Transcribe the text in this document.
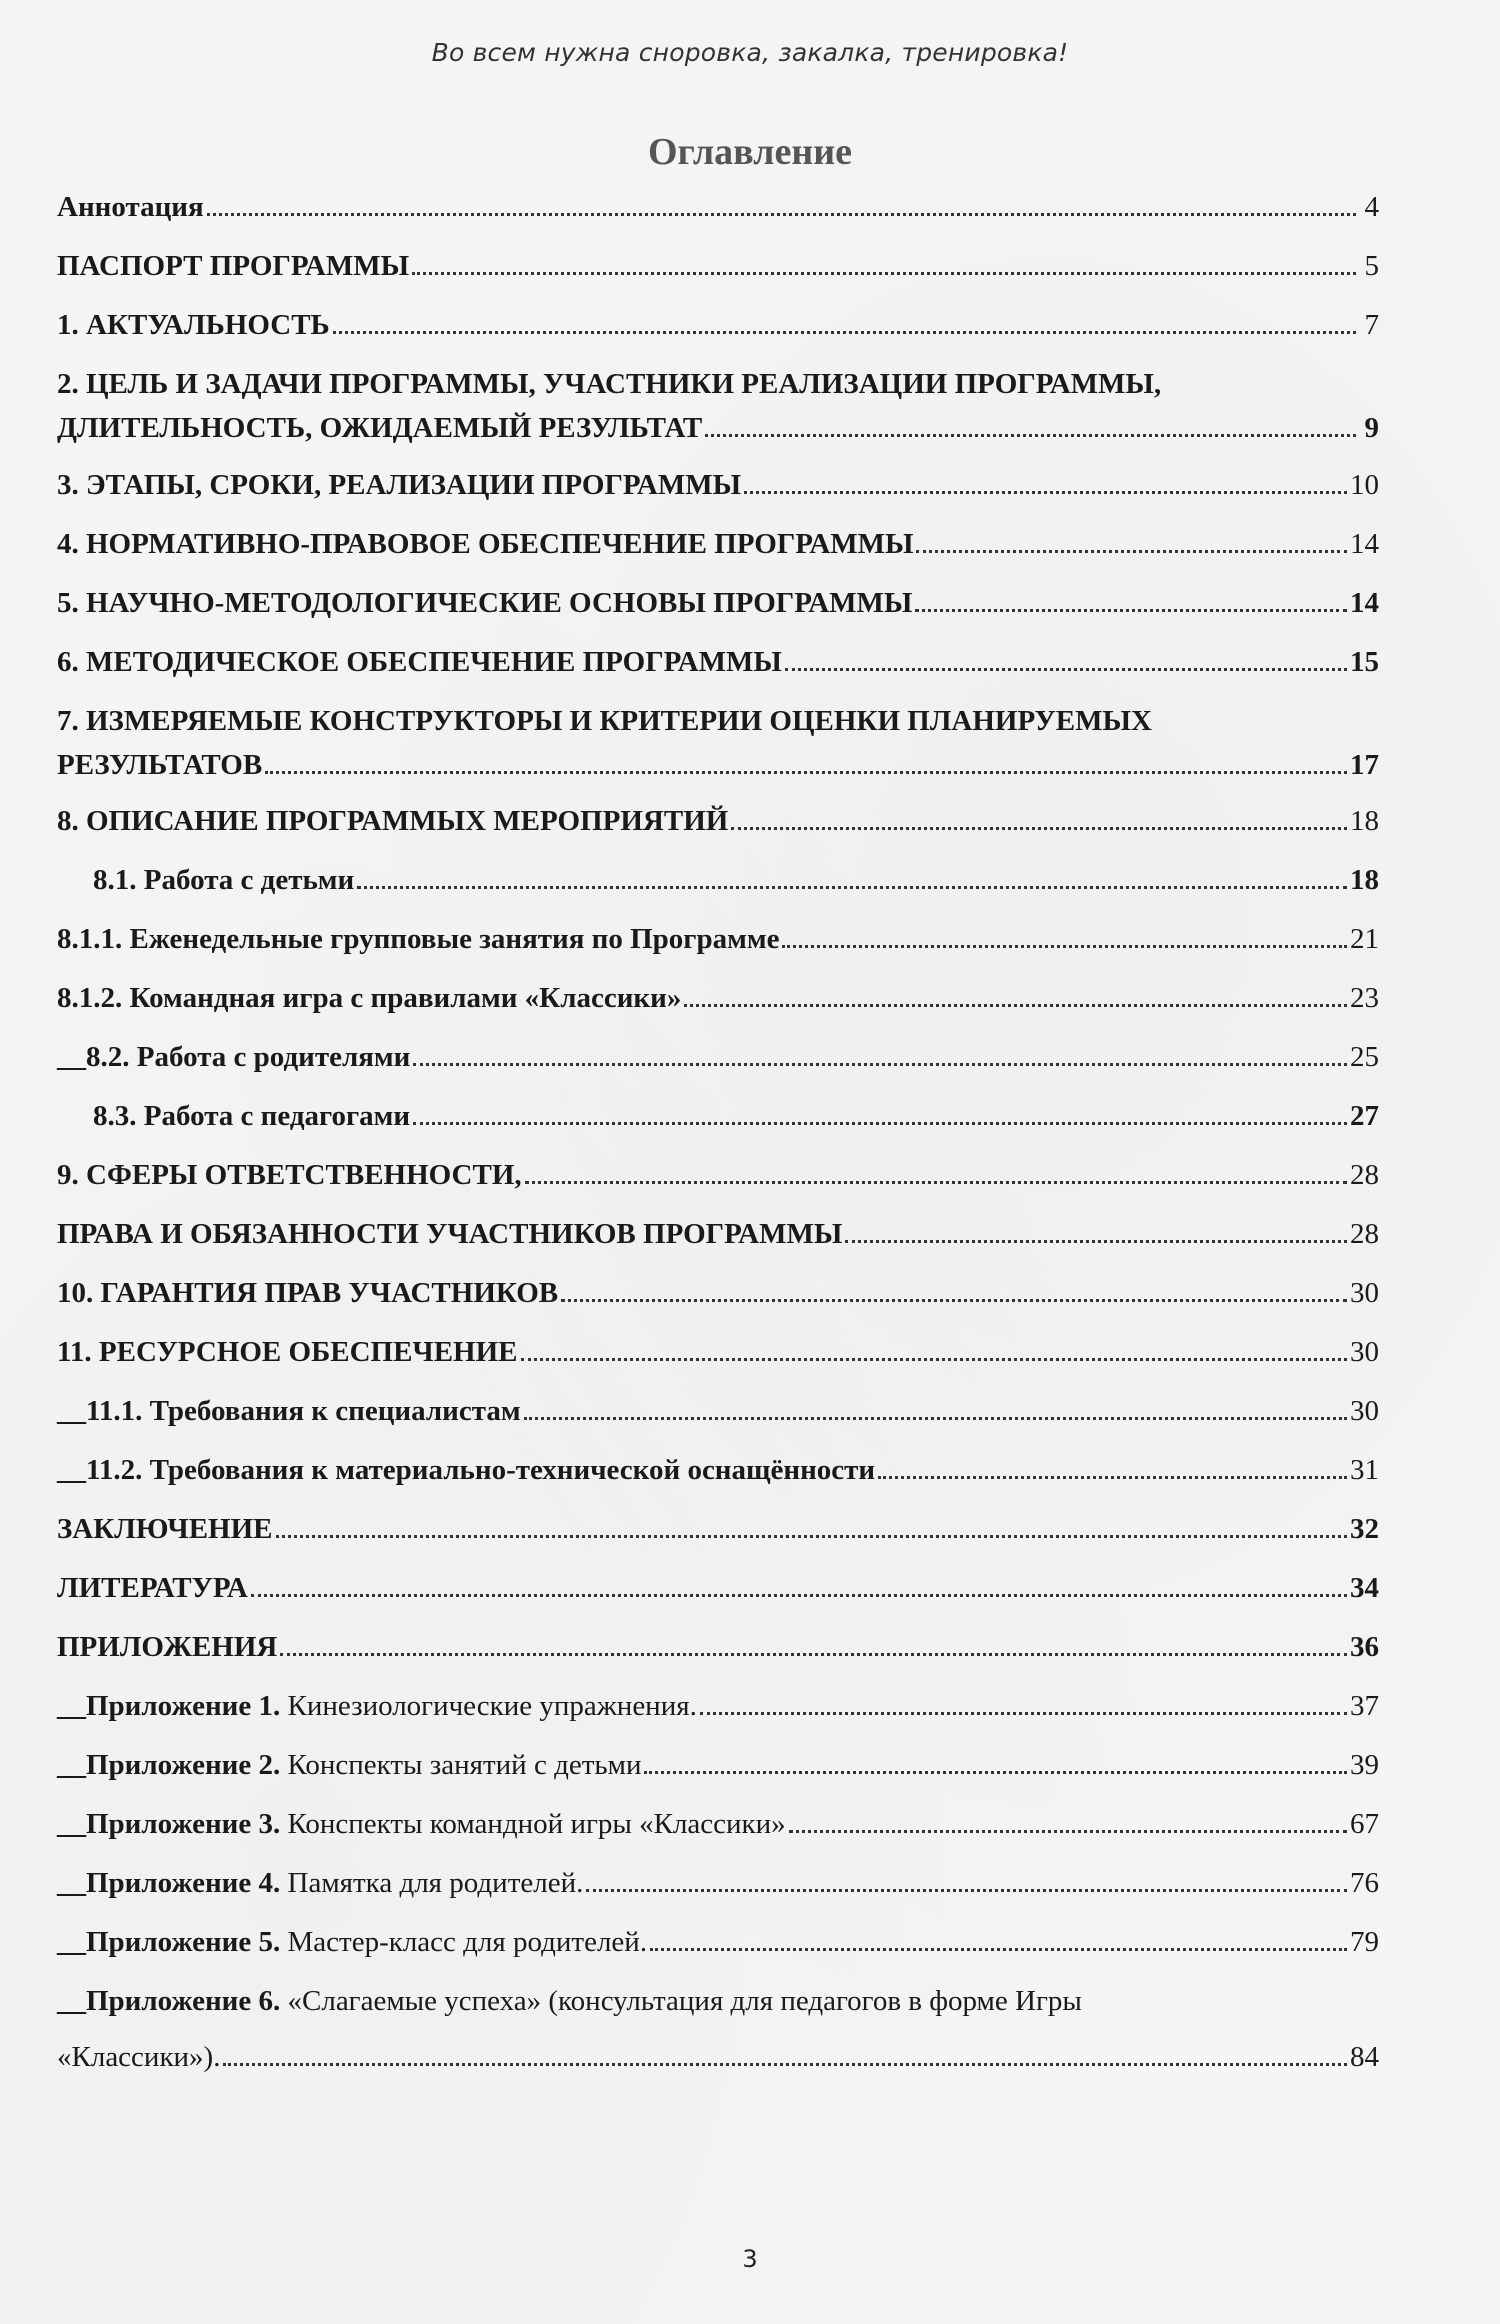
Во всем нужна сноровка, закалка, тренировка!
Оглавление
Аннотация	4
ПАСПОРТ ПРОГРАММЫ	5
1. АКТУАЛЬНОСТЬ	7
2. ЦЕЛЬ И ЗАДАЧИ ПРОГРАММЫ, УЧАСТНИКИ РЕАЛИЗАЦИИ ПРОГРАММЫ,
ДЛИТЕЛЬНОСТЬ, ОЖИДАЕМЫЙ РЕЗУЛЬТАТ	9
3. ЭТАПЫ, СРОКИ, РЕАЛИЗАЦИИ ПРОГРАММЫ	10
4. НОРМАТИВНО-ПРАВОВОЕ ОБЕСПЕЧЕНИЕ ПРОГРАММЫ	14
5. НАУЧНО-МЕТОДОЛОГИЧЕСКИЕ ОСНОВЫ ПРОГРАММЫ	14
6. МЕТОДИЧЕСКОЕ ОБЕСПЕЧЕНИЕ ПРОГРАММЫ	15
7. ИЗМЕРЯЕМЫЕ КОНСТРУКТОРЫ И КРИТЕРИИ ОЦЕНКИ ПЛАНИРУЕМЫХ
РЕЗУЛЬТАТОВ	17
8. ОПИСАНИЕ ПРОГРАММЫХ МЕРОПРИЯТИЙ	18
8.1. Работа с детьми	18
8.1.1. Еженедельные групповые занятия по Программе	21
8.1.2. Командная игра с правилами «Классики»	23
__8.2. Работа с родителями	25
8.3. Работа с педагогами	27
9. СФЕРЫ ОТВЕТСТВЕННОСТИ,	28
ПРАВА И ОБЯЗАННОСТИ УЧАСТНИКОВ ПРОГРАММЫ	28
10. ГАРАНТИЯ ПРАВ УЧАСТНИКОВ	30
11. РЕСУРСНОЕ ОБЕСПЕЧЕНИЕ	30
__11.1. Требования к специалистам	30
__11.2. Требования к материально-технической оснащённости	31
ЗАКЛЮЧЕНИЕ	32
ЛИТЕРАТУРА	34
ПРИЛОЖЕНИЯ	36
__Приложение 1. Кинезиологические упражнения.	37
__Приложение 2. Конспекты занятий с детьми	39
__Приложение 3. Конспекты командной игры «Классики»	67
__Приложение 4. Памятка для родителей.	76
__Приложение 5. Мастер-класс для родителей.	79
__Приложение 6. «Слагаемые успеха» (консультация для педагогов в форме Игры
«Классики»).	84
3
